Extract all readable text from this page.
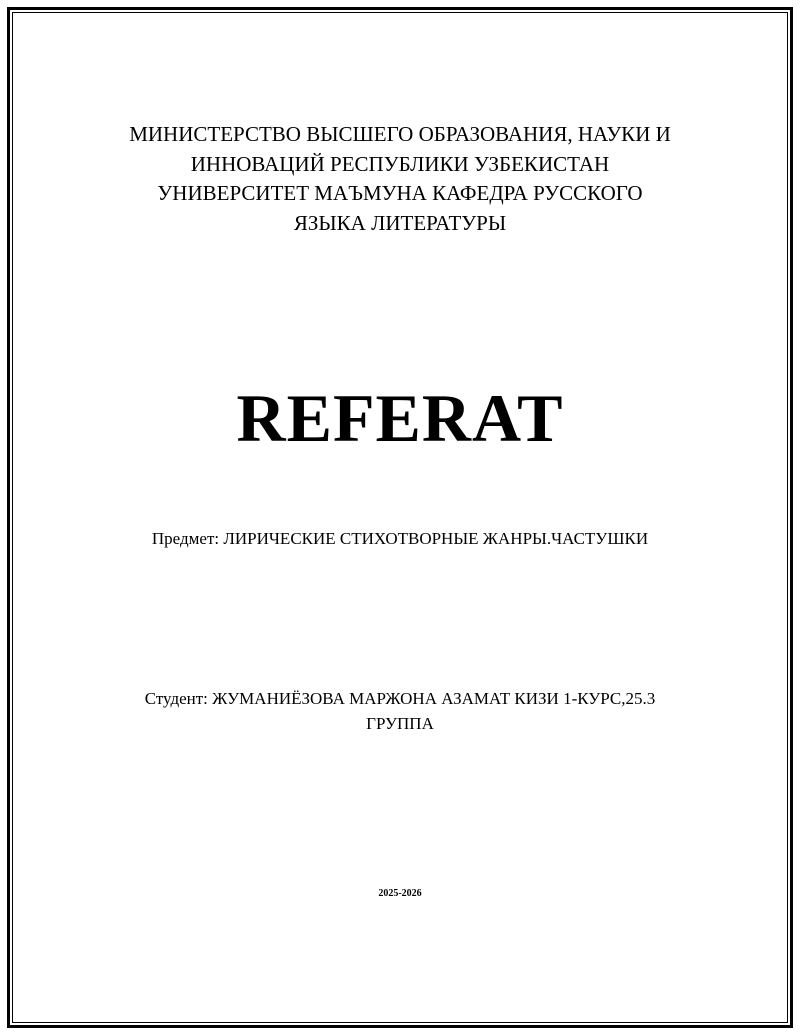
МИНИСТЕРСТВО ВЫСШЕГО ОБРАЗОВАНИЯ, НАУКИ И
ИННОВАЦИЙ РЕСПУБЛИКИ УЗБЕКИСТАН
УНИВЕРСИТЕТ МАЪМУНА КАФЕДРА РУССКОГО
ЯЗЫКА ЛИТЕРАТУРЫ
REFERAT
Предмет: ЛИРИЧЕСКИЕ СТИХОТВОРНЫЕ ЖАНРЫ.ЧАСТУШКИ
Студент: ЖУМАНИЁЗОВА МАРЖОНА АЗАМАТ КИЗИ 1-КУРС,25.3
ГРУППА
2025-2026
